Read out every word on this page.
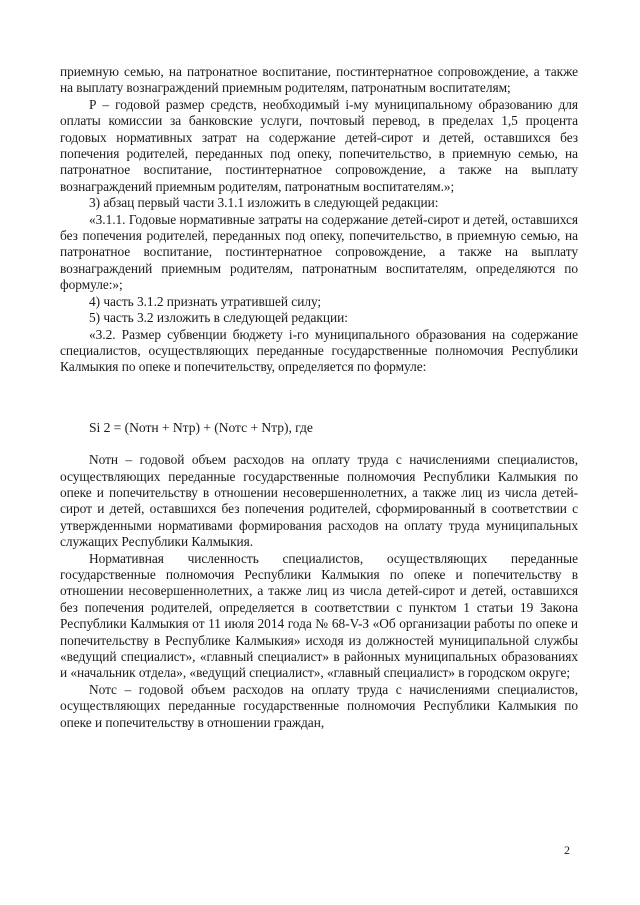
приемную семью, на патронатное воспитание, постинтернатное сопровождение, а также на выплату вознаграждений приемным родителям, патронатным воспитателям;

Р – годовой размер средств, необходимый i-му муниципальному образованию для оплаты комиссии за банковские услуги, почтовый перевод, в пределах 1,5 процента годовых нормативных затрат на содержание детей-сирот и детей, оставшихся без попечения родителей, переданных под опеку, попечительство, в приемную семью, на патронатное воспитание, постинтернатное сопровождение, а также на выплату вознаграждений приемным родителям, патронатным воспитателям.»;

3) абзац первый части 3.1.1 изложить в следующей редакции:

«3.1.1. Годовые нормативные затраты на содержание детей-сирот и детей, оставшихся без попечения родителей, переданных под опеку, попечительство, в приемную семью, на патронатное воспитание, постинтернатное сопровождение, а также на выплату вознаграждений приемным родителям, патронатным воспитателям, определяются по формуле:»;

4) часть 3.1.2 признать утратившей силу;

5) часть 3.2 изложить в следующей редакции:

«3.2. Размер субвенции бюджету i-го муниципального образования на содержание специалистов, осуществляющих переданные государственные полномочия Республики Калмыкия по опеке и попечительству, определяется по формуле:

Si 2 = (Nотн + Nтр) + (Nотс + Nтр), где

Nотн – годовой объем расходов на оплату труда с начислениями специалистов, осуществляющих переданные государственные полномочия Республики Калмыкия по опеке и попечительству в отношении несовершеннолетних, а также лиц из числа детей-сирот и детей, оставшихся без попечения родителей, сформированный в соответствии с утвержденными нормативами формирования расходов на оплату труда муниципальных служащих Республики Калмыкия.

Нормативная численность специалистов, осуществляющих переданные государственные полномочия Республики Калмыкия по опеке и попечительству в отношении несовершеннолетних, а также лиц из числа детей-сирот и детей, оставшихся без попечения родителей, определяется в соответствии с пунктом 1 статьи 19 Закона Республики Калмыкия от 11 июля 2014 года № 68-V-З «Об организации работы по опеке и попечительству в Республике Калмыкия» исходя из должностей муниципальной службы «ведущий специалист», «главный специалист» в районных муниципальных образованиях и «начальник отдела», «ведущий специалист», «главный специалист» в городском округе;

Nотс – годовой объем расходов на оплату труда с начислениями специалистов, осуществляющих переданные государственные полномочия Республики Калмыкия по опеке и попечительству в отношении граждан,

2
